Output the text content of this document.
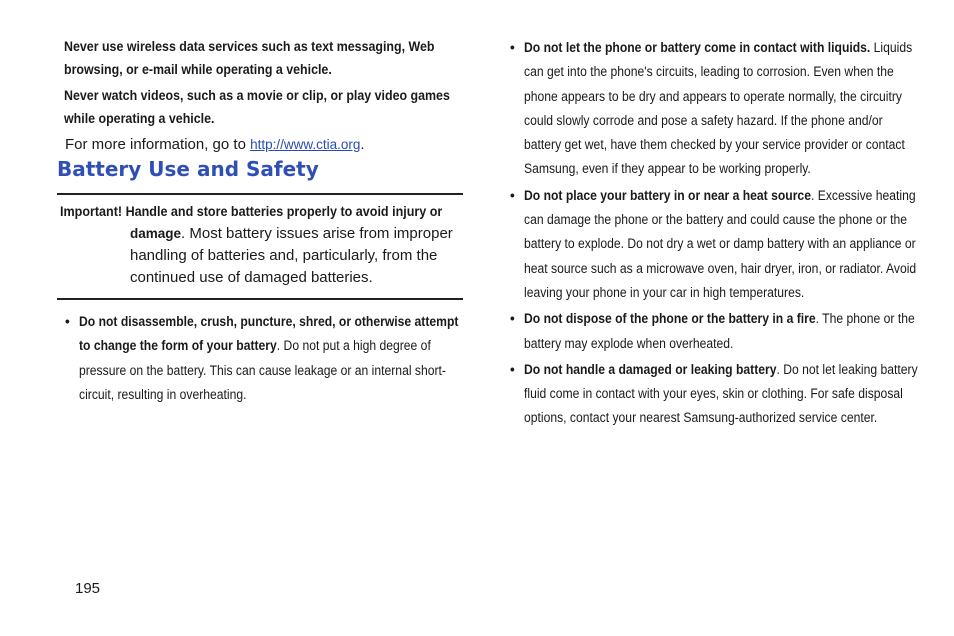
Never use wireless data services such as text messaging, Web browsing, or e-mail while operating a vehicle.

Never watch videos, such as a movie or clip, or play video games while operating a vehicle.

For more information, go to http://www.ctia.org.

Battery Use and Safety
Important! Handle and store batteries properly to avoid injury or
damage. Most battery issues arise from improper handling of batteries and, particularly, from the continued use of damaged batteries.
• Do not disassemble, crush, puncture, shred, or otherwise attempt to change the form of your battery. Do not put a high degree of pressure on the battery. This can cause leakage or an internal short-circuit, resulting in overheating.
• Do not let the phone or battery come in contact with liquids. Liquids can get into the phone's circuits, leading to corrosion. Even when the phone appears to be dry and appears to operate normally, the circuitry could slowly corrode and pose a safety hazard. If the phone and/or battery get wet, have them checked by your service provider or contact Samsung, even if they appear to be working properly.
• Do not place your battery in or near a heat source. Excessive heating can damage the phone or the battery and could cause the phone or the battery to explode. Do not dry a wet or damp battery with an appliance or heat source such as a microwave oven, hair dryer, iron, or radiator. Avoid leaving your phone in your car in high temperatures.
• Do not dispose of the phone or the battery in a fire. The phone or the battery may explode when overheated.
• Do not handle a damaged or leaking battery. Do not let leaking battery fluid come in contact with your eyes, skin or clothing. For safe disposal options, contact your nearest Samsung-authorized service center.
195
